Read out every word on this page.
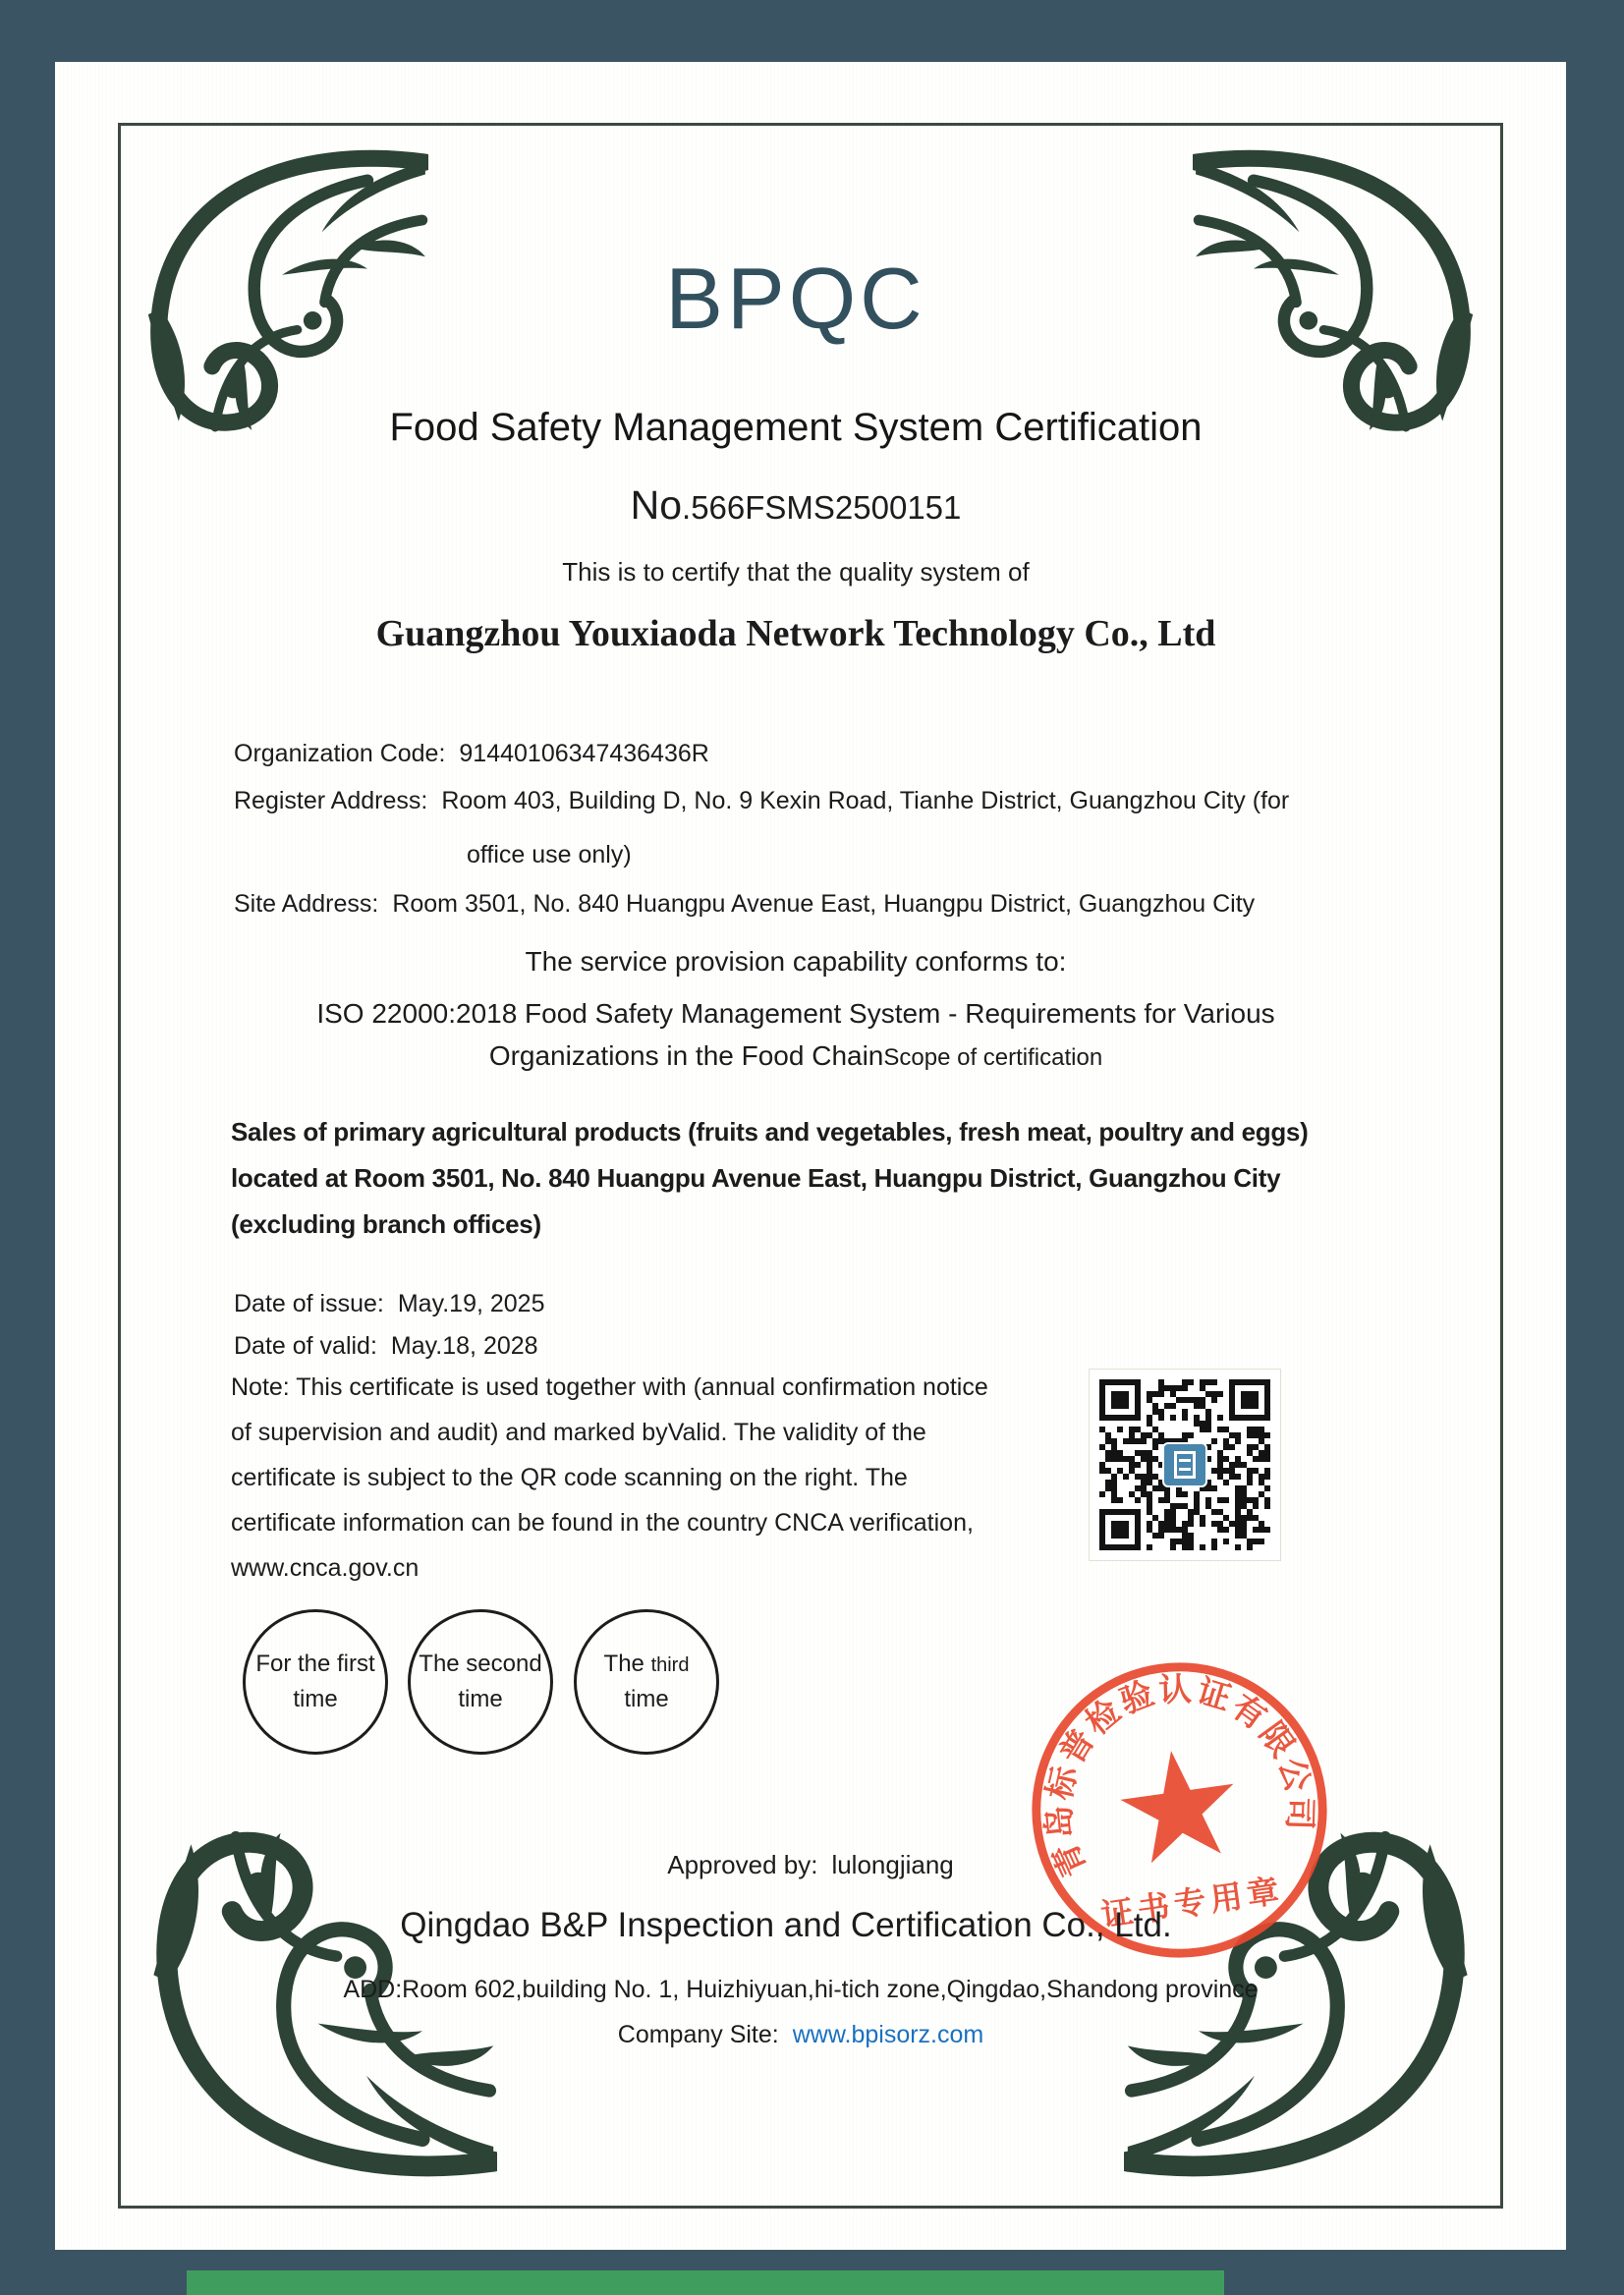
BPQC
Food Safety Management System Certification
No.566FSMS2500151
This is to certify that the quality system of
Guangzhou Youxiaoda Network Technology Co., Ltd
Organization Code: 91440106347436436R
Register Address: Room 403, Building D, No. 9 Kexin Road, Tianhe District, Guangzhou City (for
office use only)
Site Address: Room 3501, No. 840 Huangpu Avenue East, Huangpu District, Guangzhou City
The service provision capability conforms to:
ISO 22000:2018 Food Safety Management System - Requirements for Various
Organizations in the Food ChainScope of certification
Sales of primary agricultural products (fruits and vegetables, fresh meat, poultry and eggs)
located at Room 3501, No. 840 Huangpu Avenue East, Huangpu District, Guangzhou City
(excluding branch offices)
Date of issue: May.19, 2025
Date of valid: May.18, 2028
Note: This certificate is used together with (annual confirmation notice
of supervision and audit) and marked byValid. The validity of the
certificate is subject to the QR code scanning on the right. The
certificate information can be found in the country CNCA verification,
www.cnca.gov.cn
For the first
time
The second
time
The third
time
青岛标普检验认证有限公司
证书专用章
Approved by: lulongjiang
Qingdao B&P Inspection and Certification Co., Ltd.
ADD:Room 602,building No. 1, Huizhiyuan,hi-tich zone,Qingdao,Shandong province
Company Site: www.bpisorz.com
